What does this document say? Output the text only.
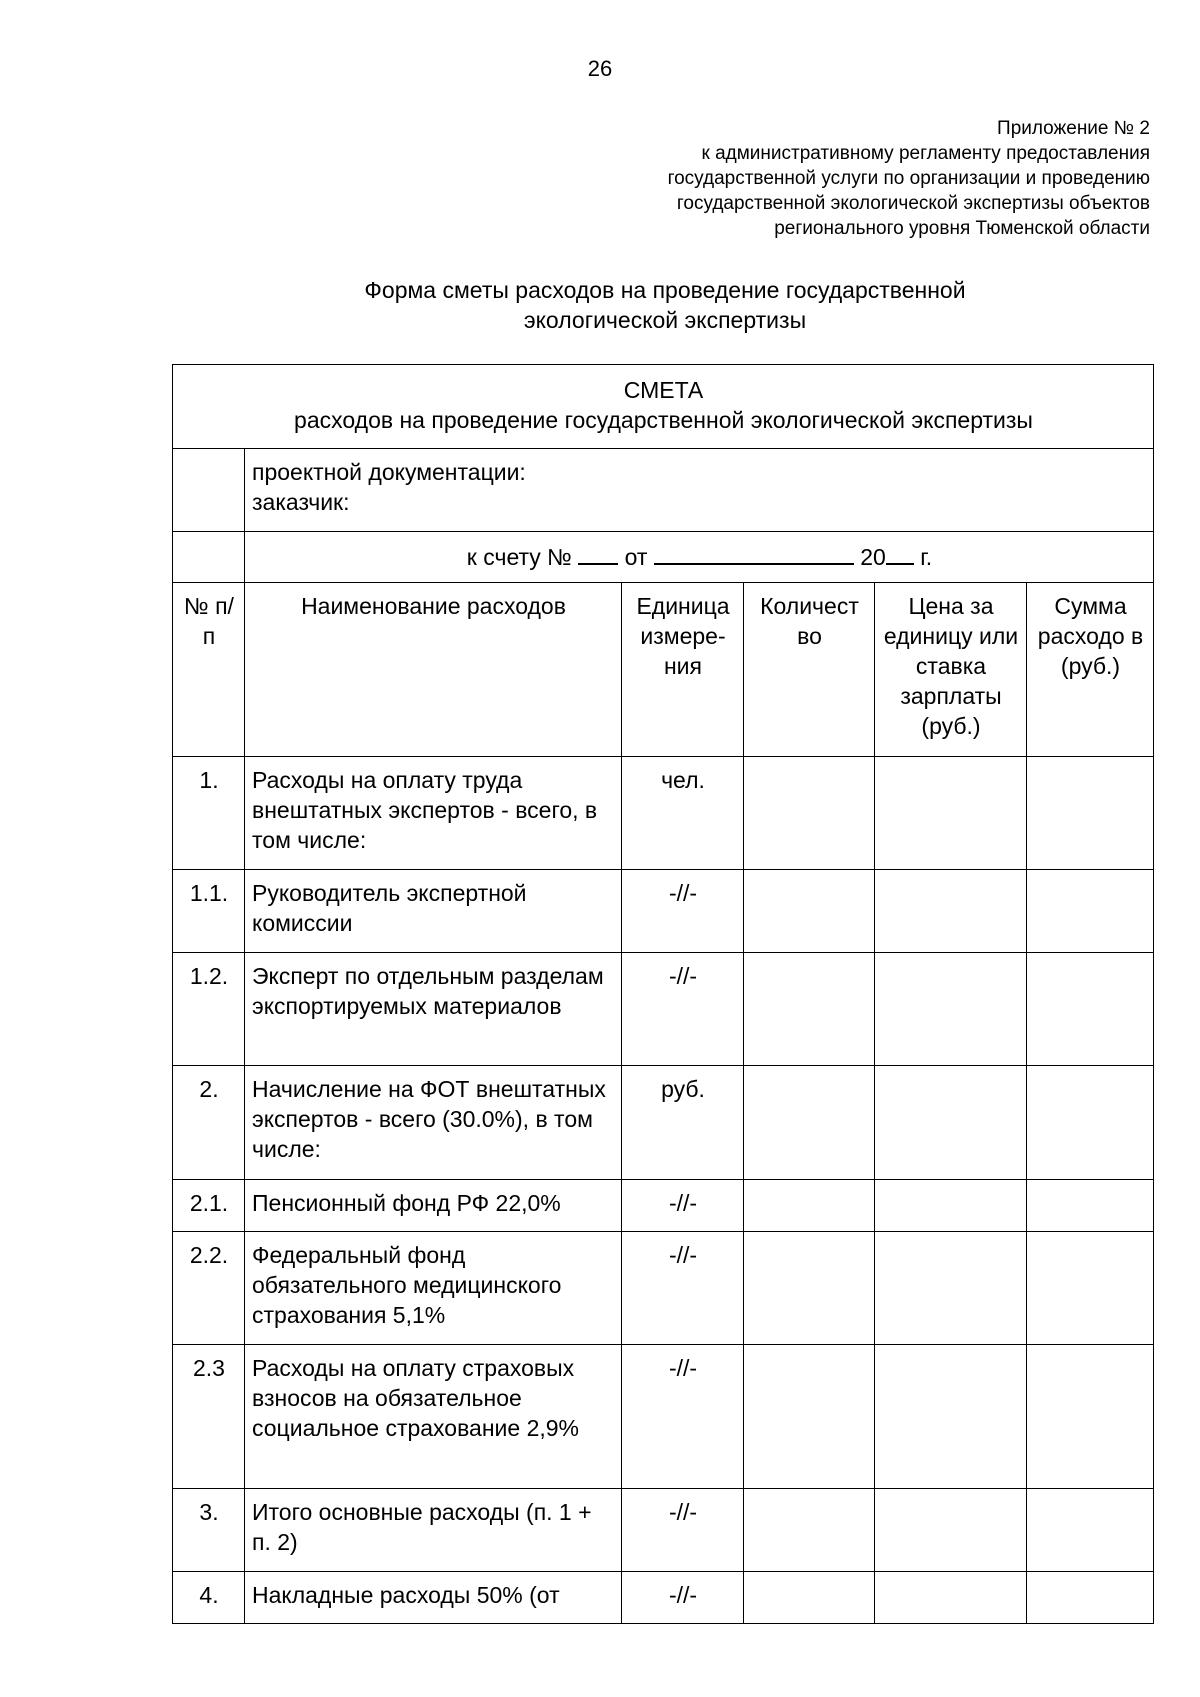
26
Приложение № 2
к административному регламенту предоставления
государственной услуги по организации и проведению
государственной экологической экспертизы объектов
регионального уровня Тюменской области
Форма сметы расходов на проведение государственной
экологической экспертизы
СМЕТА
расходов на проведение государственной экологической экспертизы					

	проектной документации:
заказчик:				

	к счету № от 20 г.				
№ п/п	Наименование расходов	Единица измере-ния	Количест во	Цена за единицу или ставка зарплаты (руб.)	Сумма расходо в (руб.)
1.	Расходы на оплату труда внештатных экспертов - всего, в том числе:	чел.			
1.1.	Руководитель экспертной комиссии	-//-			
1.2.	Эксперт по отдельным разделам экспортируемых материалов	-//-			
2.	Начисление на ФОТ внештатных экспертов - всего (30.0%), в том числе:	руб.			
2.1.	Пенсионный фонд РФ 22,0%	-//-			
2.2.	Федеральный фонд обязательного медицинского страхования 5,1%	-//-			
2.3	Расходы на оплату страховых взносов на обязательное социальное страхование 2,9%	-//-			
3.	Итого основные расходы (п. 1 + п. 2)	-//-			
4.	Накладные расходы 50% (от	-//-			
